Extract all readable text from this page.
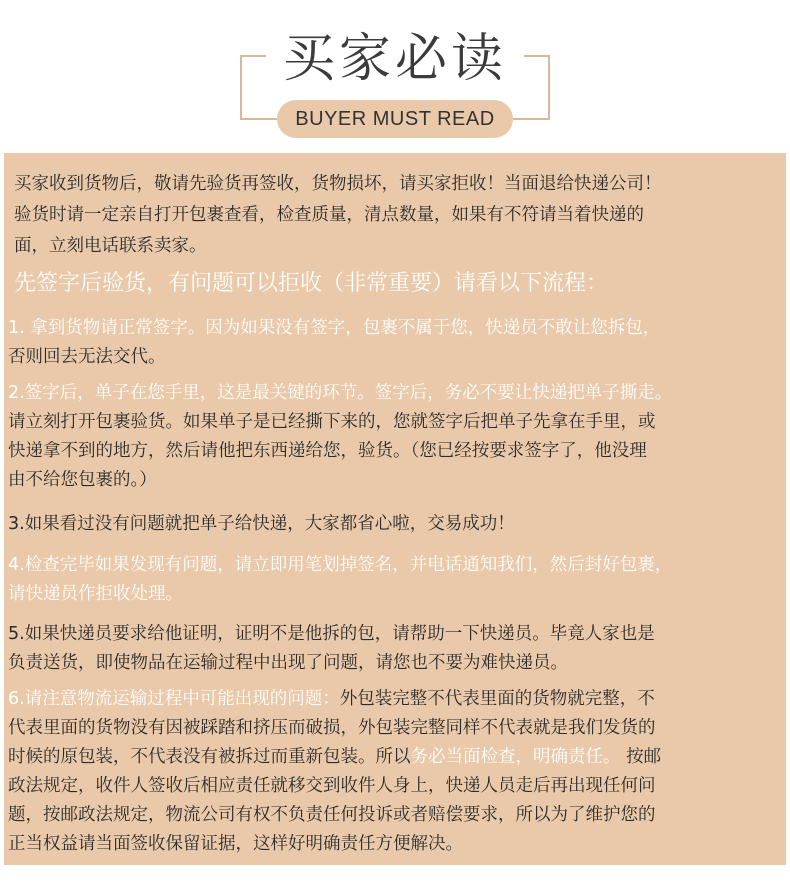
买家必读
BUYER MUST READ

买家收到货物后，敬请先验货再签收，货物损坏，请买家拒收！当面退给快递公司！

验货时请一定亲自打开包裹查看，检查质量，清点数量，如果有不符请当着快递的

面，立刻电话联系卖家。

先签字后验货，有问题可以拒收（非常重要）请看以下流程：

1. 拿到货物请正常签字。因为如果没有签字，包裹不属于您，快递员不敢让您拆包，

否则回去无法交代。

2.签字后，单子在您手里，这是最关键的环节。签字后，务必不要让快递把单子撕走。

请立刻打开包裹验货。如果单子是已经撕下来的，您就签字后把单子先拿在手里，或

快递拿不到的地方，然后请他把东西递给您，验货。（您已经按要求签字了，他没理

由不给您包裹的。）

3.如果看过没有问题就把单子给快递，大家都省心啦，交易成功！

4.检查完毕如果发现有问题，请立即用笔划掉签名，并电话通知我们，然后封好包裹，

请快递员作拒收处理。

5.如果快递员要求给他证明，证明不是他拆的包，请帮助一下快递员。毕竟人家也是

负责送货，即使物品在运输过程中出现了问题，请您也不要为难快递员。

6.请注意物流运输过程中可能出现的问题：外包装完整不代表里面的货物就完整，不

代表里面的货物没有因被踩踏和挤压而破损，外包装完整同样不代表就是我们发货的

时候的原包装，不代表没有被拆过而重新包装。所以务必当面检查，明确责任。 按邮

政法规定，收件人签收后相应责任就移交到收件人身上，快递人员走后再出现任何问

题，按邮政法规定，物流公司有权不负责任何投诉或者赔偿要求，所以为了维护您的

正当权益请当面签收保留证据，这样好明确责任方便解决。
